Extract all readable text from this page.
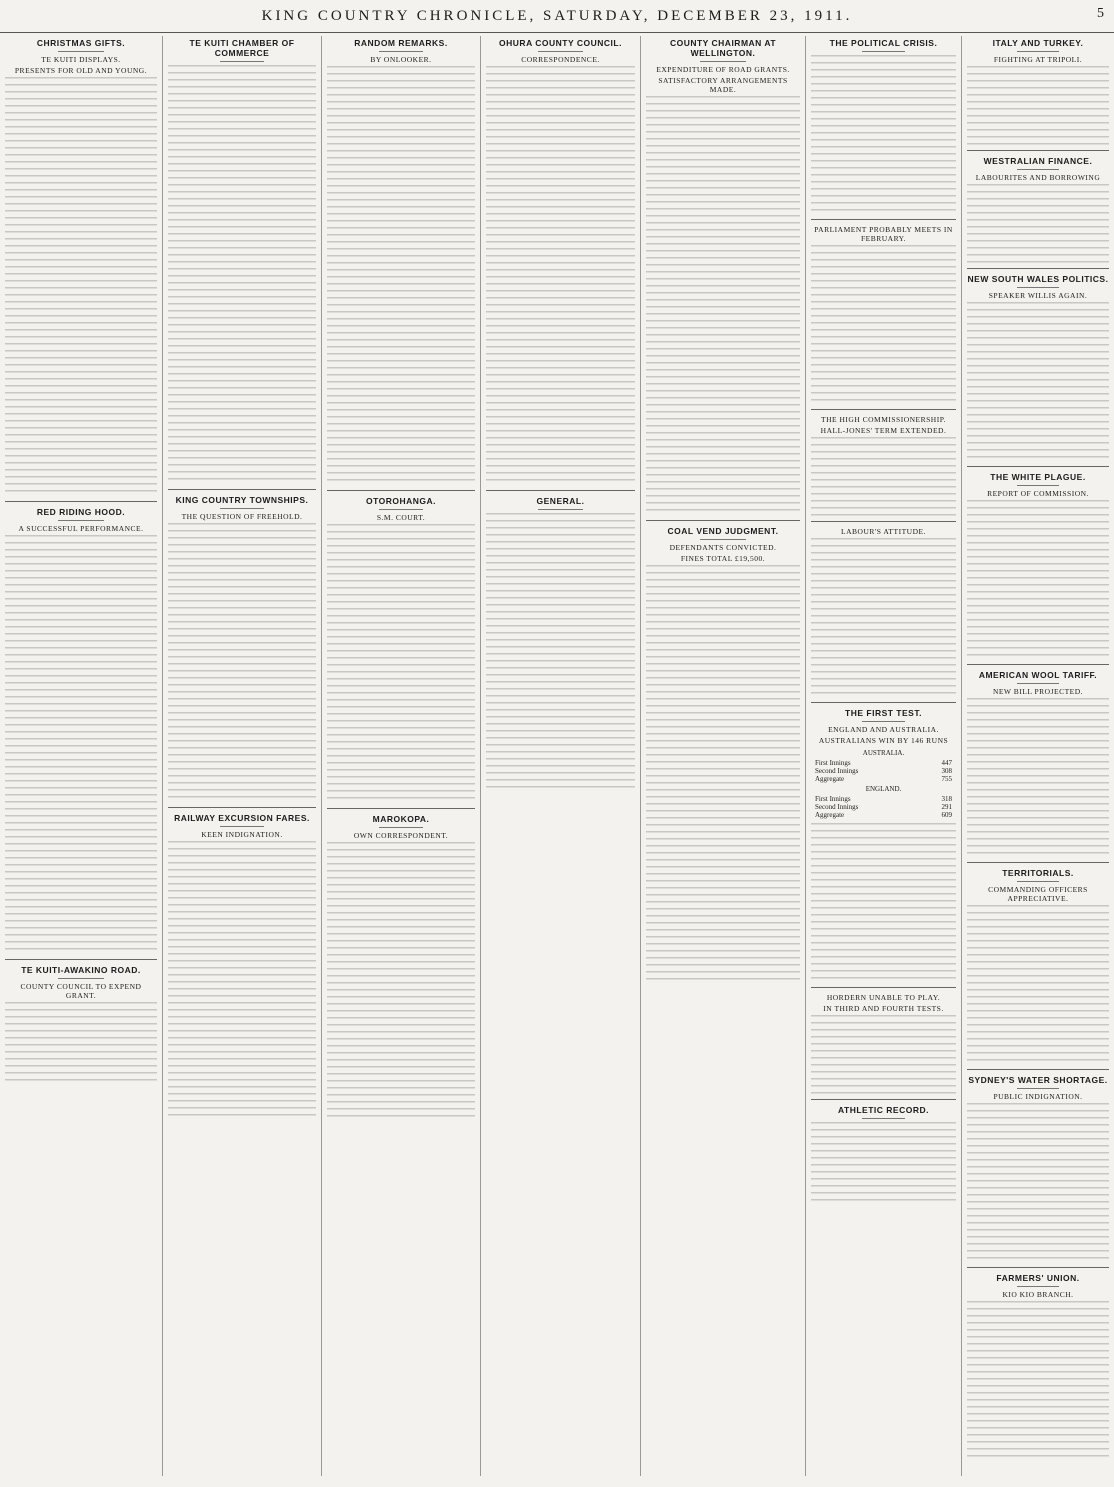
KING COUNTRY CHRONICLE, SATURDAY, DECEMBER 23, 1911.	5
CHRISTMAS GIFTS.
TE KUITI DISPLAYS.
PRESENTS FOR OLD AND YOUNG.
RED RIDING HOOD.
A SUCCESSFUL PERFORMANCE.
TE KUITI-AWAKINO ROAD.
COUNTY COUNCIL TO EXPEND GRANT.
TE KUITI CHAMBER OF COMMERCE
KING COUNTRY TOWNSHIPS.
THE QUESTION OF FREEHOLD.
RAILWAY EXCURSION FARES.
KEEN INDIGNATION.
RANDOM REMARKS.
BY ONLOOKER.
OTOROHANGA.
S.M. COURT.
MAROKOPA.
OWN CORRESPONDENT.
OHURA COUNTY COUNCIL.
CORRESPONDENCE.
GENERAL.
COUNTY CHAIRMAN AT WELLINGTON.
EXPENDITURE OF ROAD GRANTS.
SATISFACTORY ARRANGEMENTS MADE.
COAL VEND JUDGMENT.
DEFENDANTS CONVICTED.
FINES TOTAL £19,500.
THE POLITICAL CRISIS.
PARLIAMENT PROBABLY MEETS IN FEBRUARY.
THE HIGH COMMISSIONERSHIP.
HALL-JONES' TERM EXTENDED.
LABOUR'S ATTITUDE.
THE FIRST TEST.
ENGLAND AND AUSTRALIA.
AUSTRALIANS WIN BY 146 RUNS
AUSTRALIA.
First Innings	447
Second Innings	308
Aggregate	755
ENGLAND.
First Innings	318
Second Innings	291
Aggregate	609
HORDERN UNABLE TO PLAY.
IN THIRD AND FOURTH TESTS.
ATHLETIC RECORD.
ITALY AND TURKEY.
FIGHTING AT TRIPOLI.
WESTRALIAN FINANCE.
LABOURITES AND BORROWING
NEW SOUTH WALES POLITICS.
SPEAKER WILLIS AGAIN.
THE WHITE PLAGUE.
REPORT OF COMMISSION.
AMERICAN WOOL TARIFF.
NEW BILL PROJECTED.
TERRITORIALS.
COMMANDING OFFICERS APPRECIATIVE.
SYDNEY'S WATER SHORTAGE.
PUBLIC INDIGNATION.
FARMERS' UNION.
KIO KIO BRANCH.
